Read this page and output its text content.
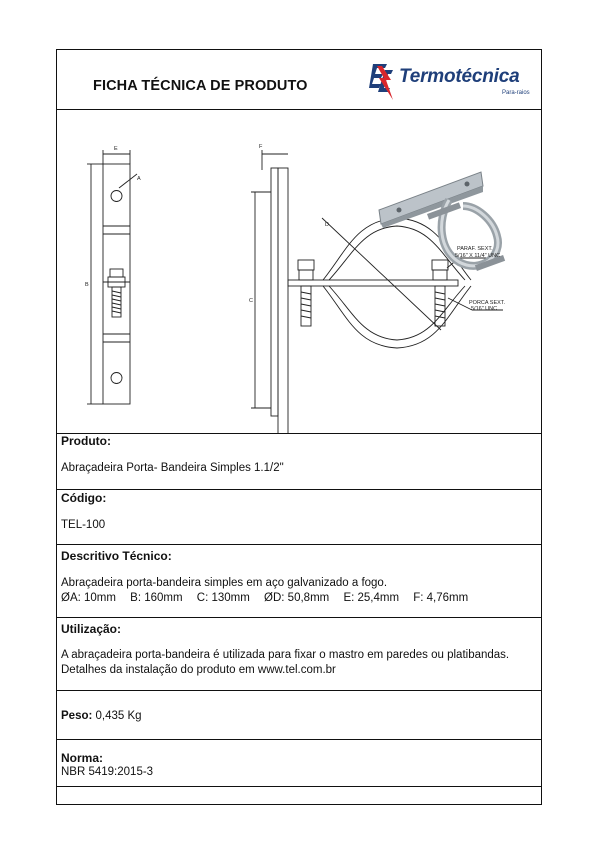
FICHA TÉCNICA DE PRODUTO	Termotécnica
Para-raios
PARAF. SEXT.
5/16" X 11/4" UNC
PORCA SEXT.
5/16" UNC
A
B
C
D
E	F
Produto:
Abraçadeira Porta- Bandeira Simples 1.1/2"
Código:
TEL-100
Descritivo Técnico:
Abraçadeira porta-bandeira simples em aço galvanizado a fogo.
ØA: 10mm B: 160mm C: 130mm ØD: 50,8mm E: 25,4mm F: 4,76mm
Utilização:
A abraçadeira porta-bandeira é utilizada para fixar o mastro em paredes ou platibandas.
Detalhes da instalação do produto em www.tel.com.br
Peso: 0,435 Kg
Norma:
NBR 5419:2015-3
